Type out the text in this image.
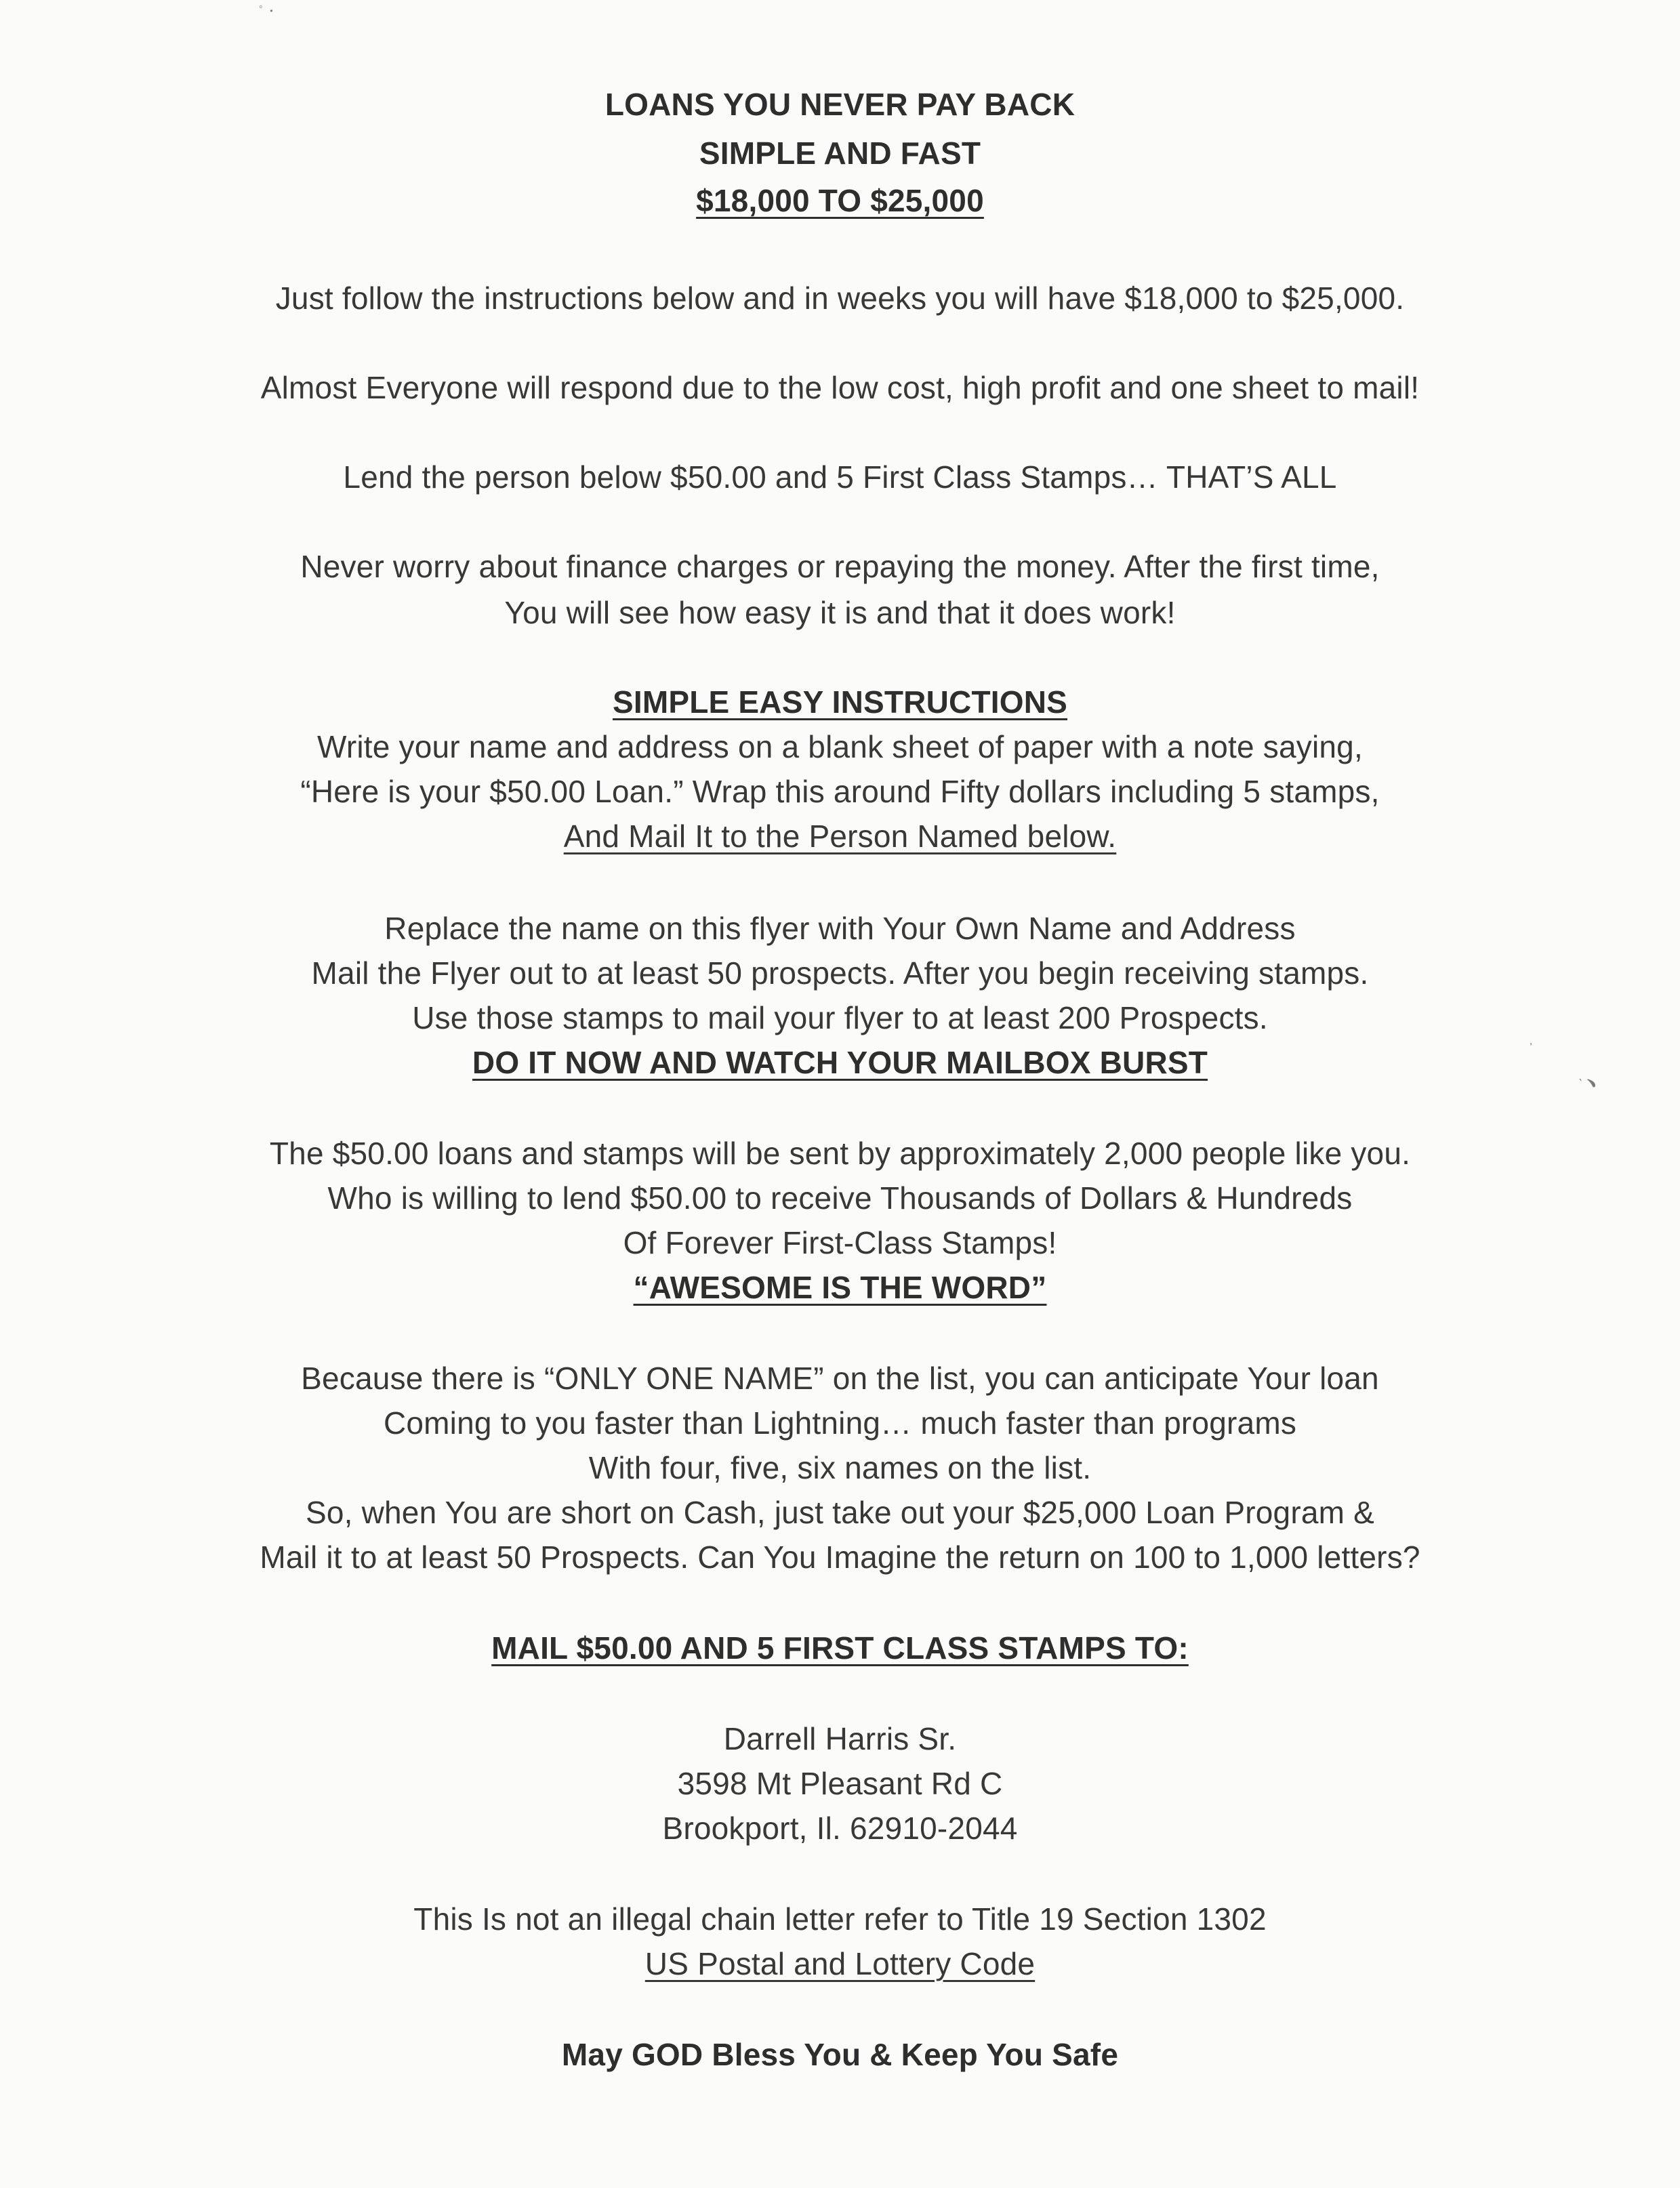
ﾟ ･
᾽
‵ ﹅
LOANS YOU NEVER PAY BACK
SIMPLE AND FAST
$18,000 TO $25,000
Just follow the instructions below and in weeks you will have $18,000 to $25,000.
Almost Everyone will respond due to the low cost, high profit and one sheet to mail!
Lend the person below $50.00 and 5 First Class Stamps… THAT’S ALL
Never worry about finance charges or repaying the money. After the first time,
You will see how easy it is and that it does work!
SIMPLE EASY INSTRUCTIONS
Write your name and address on a blank sheet of paper with a note saying,
“Here is your $50.00 Loan.” Wrap this around Fifty dollars including 5 stamps,
And Mail It to the Person Named below.
Replace the name on this flyer with Your Own Name and Address
Mail the Flyer out to at least 50 prospects. After you begin receiving stamps.
Use those stamps to mail your flyer to at least 200 Prospects.
DO IT NOW AND WATCH YOUR MAILBOX BURST
The $50.00 loans and stamps will be sent by approximately 2,000 people like you.
Who is willing to lend $50.00 to receive Thousands of Dollars & Hundreds
Of Forever First-Class Stamps!
“AWESOME IS THE WORD”
Because there is “ONLY ONE NAME” on the list, you can anticipate Your loan
Coming to you faster than Lightning… much faster than programs
With four, five, six names on the list.
So, when You are short on Cash, just take out your $25,000 Loan Program &
Mail it to at least 50 Prospects. Can You Imagine the return on 100 to 1,000 letters?
MAIL $50.00 AND 5 FIRST CLASS STAMPS TO:
Darrell Harris Sr.
3598 Mt Pleasant Rd C
Brookport, Il. 62910-2044
This Is not an illegal chain letter refer to Title 19 Section 1302
US Postal and Lottery Code
May GOD Bless You & Keep You Safe
